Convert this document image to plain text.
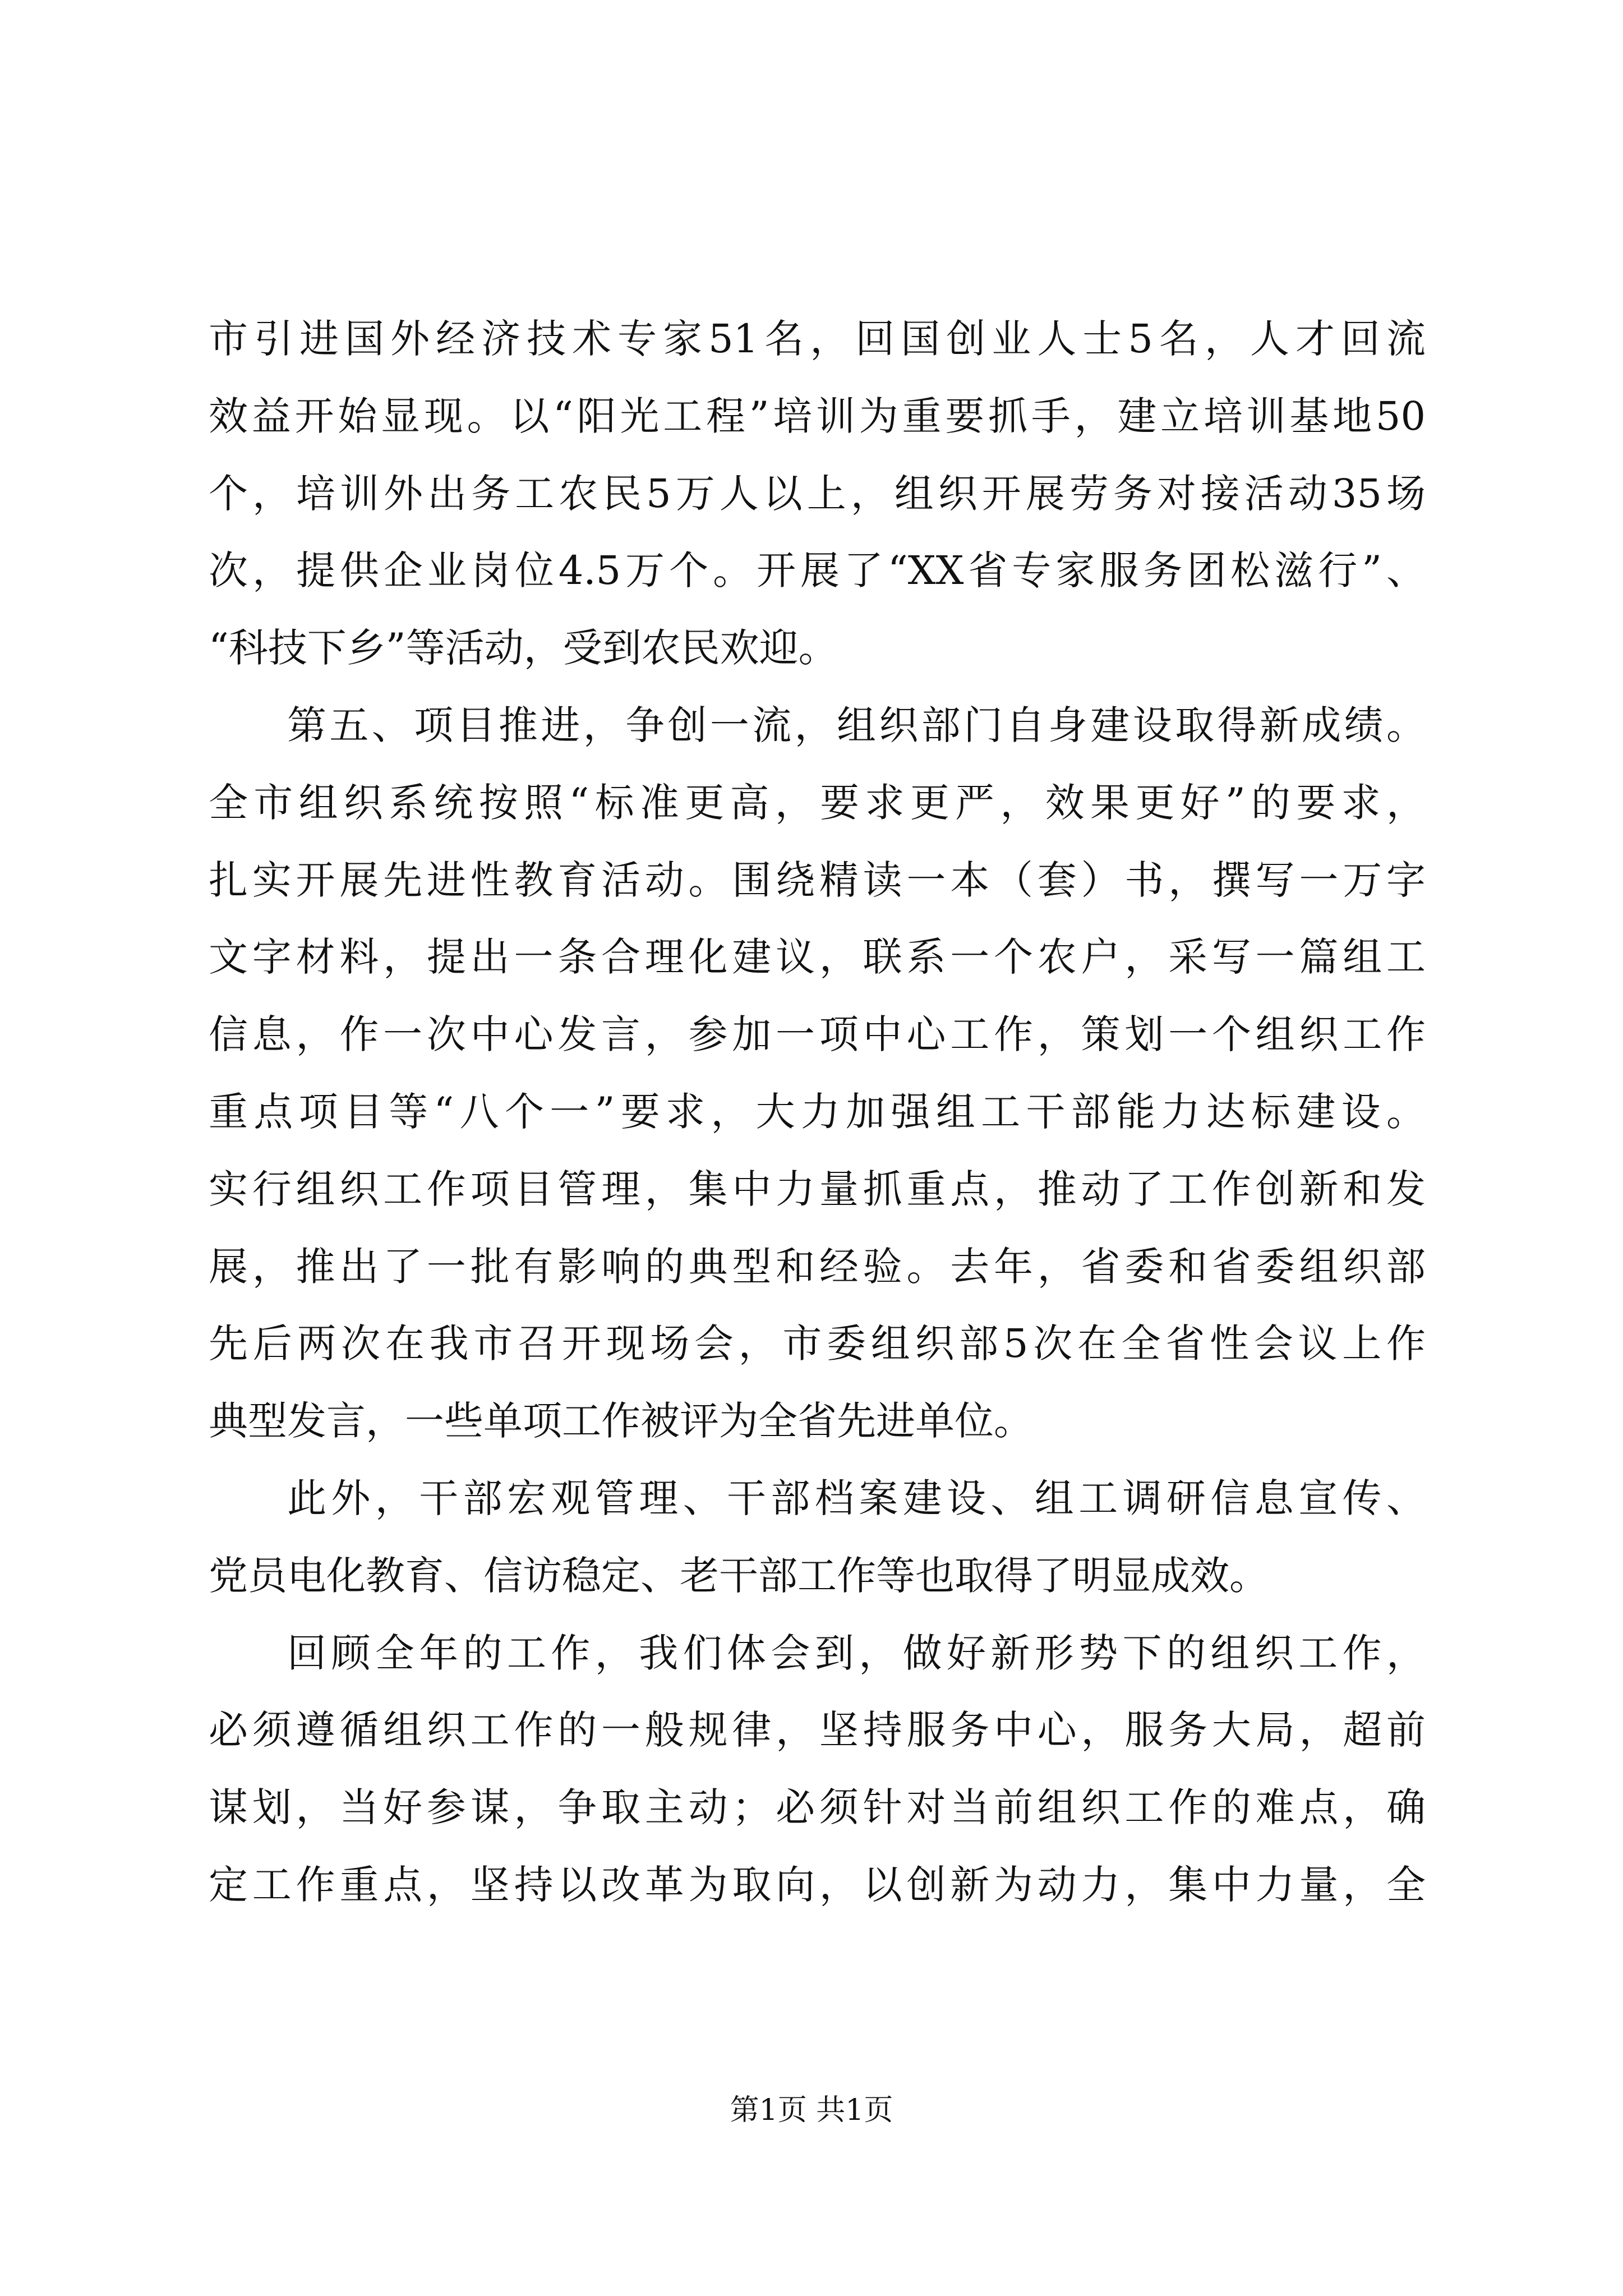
市引进国外经济技术专家51名，回国创业人士5名，人才回流
效益开始显现。以“阳光工程”培训为重要抓手，建立培训基地50
个，培训外出务工农民5万人以上，组织开展劳务对接活动35场
次，提供企业岗位4.5万个。开展了“XX省专家服务团松滋行”、
“科技下乡”等活动，受到农民欢迎。
第五、项目推进，争创一流，组织部门自身建设取得新成绩。
全市组织系统按照“标准更高，要求更严，效果更好”的要求，
扎实开展先进性教育活动。围绕精读一本（套）书，撰写一万字
文字材料，提出一条合理化建议，联系一个农户，采写一篇组工
信息，作一次中心发言，参加一项中心工作，策划一个组织工作
重点项目等“八个一”要求，大力加强组工干部能力达标建设。
实行组织工作项目管理，集中力量抓重点，推动了工作创新和发
展，推出了一批有影响的典型和经验。去年，省委和省委组织部
先后两次在我市召开现场会，市委组织部5次在全省性会议上作
典型发言，一些单项工作被评为全省先进单位。
此外，干部宏观管理、干部档案建设、组工调研信息宣传、
党员电化教育、信访稳定、老干部工作等也取得了明显成效。
回顾全年的工作，我们体会到，做好新形势下的组织工作，
必须遵循组织工作的一般规律，坚持服务中心，服务大局，超前
谋划，当好参谋，争取主动；必须针对当前组织工作的难点，确
定工作重点，坚持以改革为取向，以创新为动力，集中力量，全
第1页 共1页
